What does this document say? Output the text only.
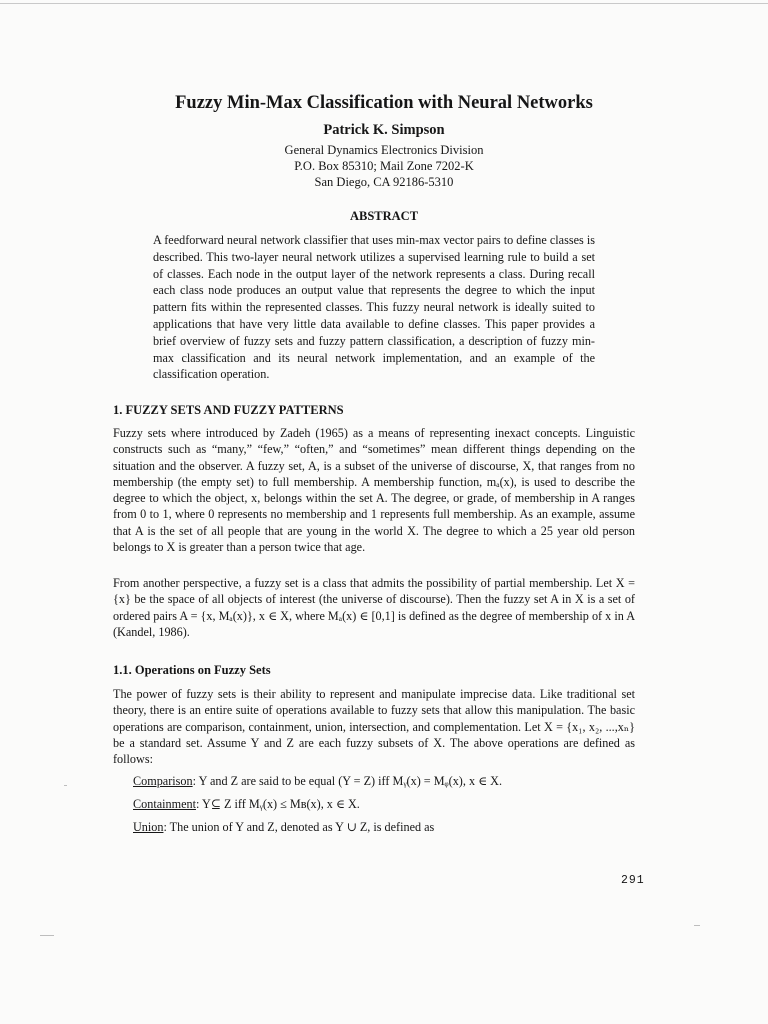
Fuzzy Min-Max Classification with Neural Networks
Patrick K. Simpson
General Dynamics Electronics Division
P.O. Box 85310; Mail Zone 7202-K
San Diego, CA 92186-5310
ABSTRACT

A feedforward neural network classifier that uses min-max vector pairs to define classes is described. This two-layer neural network utilizes a supervised learning rule to build a set of classes. Each node in the output layer of the network represents a class. During recall each class node produces an output value that represents the degree to which the input pattern fits within the represented classes. This fuzzy neural network is ideally suited to applications that have very little data available to define classes. This paper provides a brief overview of fuzzy sets and fuzzy pattern classification, a description of fuzzy min-max classification and its neural network implementation, and an example of the classification operation.

1. FUZZY SETS AND FUZZY PATTERNS

Fuzzy sets where introduced by Zadeh (1965) as a means of representing inexact concepts. Linguistic constructs such as “many,” “few,” “often,” and “sometimes” mean different things depending on the situation and the observer. A fuzzy set, A, is a subset of the universe of discourse, X, that ranges from no membership (the empty set) to full membership. A membership function, mₐ(x), is used to describe the degree to which the object, x, belongs within the set A. The degree, or grade, of membership in A ranges from 0 to 1, where 0 represents no membership and 1 represents full membership. As an example, assume that A is the set of all people that are young in the world X. The degree to which a 25 year old person belongs to X is greater than a person twice that age.

From another perspective, a fuzzy set is a class that admits the possibility of partial membership. Let X = {x} be the space of all objects of interest (the universe of discourse). Then the fuzzy set A in X is a set of ordered pairs A = {x, Mₐ(x)}, x ∈ X, where Mₐ(x) ∈ [0,1] is defined as the degree of membership of x in A (Kandel, 1986).

1.1. Operations on Fuzzy Sets

The power of fuzzy sets is their ability to represent and manipulate imprecise data. Like traditional set theory, there is an entire suite of operations available to fuzzy sets that allow this manipulation. The basic operations are comparison, containment, union, intersection, and complementation. Let X = {x₁, x₂, ...,xₙ} be a standard set. Assume Y and Z are each fuzzy subsets of X. The above operations are defined as follows:

Comparison: Y and Z are said to be equal (Y = Z) iff Mᵧ(x) = Mᵩ(x), x ∈ X.
Containment: Y⊆ Z iff Mᵧ(x) ≤ Mʙ(x), x ∈ X.
Union: The union of Y and Z, denoted as Y ∪ Z, is defined as
291
